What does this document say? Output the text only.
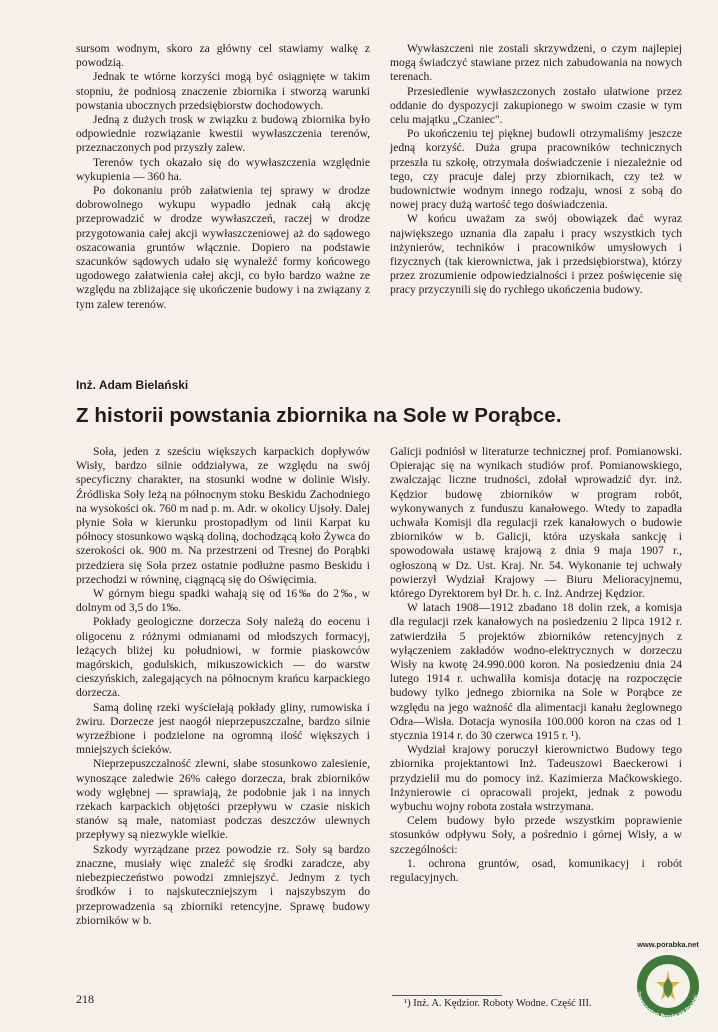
sursom wodnym, skoro za główny cel stawiamy walkę z powodzią.

Jednak te wtórne korzyści mogą być osiągnięte w takim stopniu, że podniosą znaczenie zbiornika i stworzą warunki powstania ubocznych przedsiębiorstw dochodowych.

Jedną z dużych trosk w związku z budową zbiornika było odpowiednie rozwiązanie kwestii wywłaszczenia terenów, przeznaczonych pod przyszły zalew.

Terenów tych okazało się do wywłaszczenia względnie wykupienia — 360 ha.

Po dokonaniu prób załatwienia tej sprawy w drodze dobrowolnego wykupu wypadło jednak całą akcję przeprowadzić w drodze wywłaszczeń, raczej w drodze przygotowania całej akcji wywłaszczeniowej aż do sądowego oszacowania gruntów włącznie. Dopiero na podstawie szacunków sądowych udało się wynaleźć formy końcowego ugodowego załatwienia całej akcji, co było bardzo ważne ze względu na zbliżające się ukończenie budowy i na związany z tym zalew terenów.

Wywłaszczeni nie zostali skrzywdzeni, o czym najlepiej mogą świadczyć stawiane przez nich zabudowania na nowych terenach.

Przesiedlenie wywłaszczonych zostało ułatwione przez oddanie do dyspozycji zakupionego w swoim czasie w tym celu majątku „Czaniec".

Po ukończeniu tej pięknej budowli otrzymaliśmy jeszcze jedną korzyść. Duża grupa pracowników technicznych przeszła tu szkołę, otrzymała doświadczenie i niezależnie od tego, czy pracuje dalej przy zbiornikach, czy też w budownictwie wodnym innego rodzaju, wnosi z sobą do nowej pracy dużą wartość tego doświadczenia.

W końcu uważam za swój obowiązek dać wyraz największego uznania dla zapału i pracy wszystkich tych inżynierów, techników i pracowników umysłowych i fizycznych (tak kierownictwa, jak i przedsiębiorstwa), którzy przez zrozumienie odpowiedzialności i przez poświęcenie się pracy przyczynili się do rychłego ukończenia budowy.

Inż. Adam Bielański
Z historii powstania zbiornika na Sole w Porąbce.

Soła, jeden z sześciu większych karpackich dopływów Wisły, bardzo silnie oddziaływa, ze względu na swój specyficzny charakter, na stosunki wodne w dolinie Wisły. Źródliska Soły leżą na północnym stoku Beskidu Zachodniego na wysokości ok. 760 m nad p. m. Adr. w okolicy Ujsoły. Dalej płynie Soła w kierunku prostopadłym od linii Karpat ku północy stosunkowo wąską doliną, dochodzącą koło Żywca do szerokości ok. 900 m. Na przestrzeni od Tresnej do Porąbki przedziera się Soła przez ostatnie podłużne pasmo Beskidu i przechodzi w równinę, ciągnącą się do Oświęcimia.

W górnym biegu spadki wahają się od 16‰ do 2‰, w dolnym od 3,5 do 1‰.

Pokłady geologiczne dorzecza Soły należą do eocenu i oligocenu z różnymi odmianami od młodszych formacyj, leżących bliżej ku południowi, w formie piaskowców magórskich, godulskich, mikuszowickich — do warstw cieszyńskich, zalegających na północnym krańcu karpackiego dorzecza.

Samą dolinę rzeki wyściełają pokłady gliny, rumowiska i żwiru. Dorzecze jest naogół nieprzepuszczalne, bardzo silnie wyrzeźbione i podzielone na ogromną ilość większych i mniejszych ścieków.

Nieprzepuszczalność zlewni, słabe stosunkowo zalesienie, wynoszące zaledwie 26% całego dorzecza, brak zbiorników wody wgłębnej — sprawiają, że podobnie jak i na innych rzekach karpackich objętości przepływu w czasie niskich stanów są małe, natomiast podczas deszczów ulewnych przepływy są niezwykle wielkie.

Szkody wyrządzane przez powodzie rz. Soły są bardzo znaczne, musiały więc znaleźć się środki zaradcze, aby niebezpieczeństwo powodzi zmniejszyć. Jednym z tych środków i to najskuteczniejszym i najszybszym do przeprowadzenia są zbiorniki retencyjne. Sprawę budowy zbiorników w b.

Galicji podniósł w literaturze technicznej prof. Pomianowski. Opierając się na wynikach studiów prof. Pomianowskiego, zwalczając liczne trudności, zdołał wprowadzić dyr. inż. Kędzior budowę zbiorników w program robót, wykonywanych z funduszu kanałowego. Wtedy to zapadła uchwała Komisji dla regulacji rzek kanałowych o budowie zbiorników w b. Galicji, która uzyskała sankcję i spowodowała ustawę krajową z dnia 9 maja 1907 r., ogłoszoną w Dz. Ust. Kraj. Nr. 54. Wykonanie tej uchwały powierzył Wydział Krajowy — Biuru Melioracyjnemu, którego Dyrektorem był Dr. h. c. Inż. Andrzej Kędzior.

W latach 1908—1912 zbadano 18 dolin rzek, a komisja dla regulacji rzek kanałowych na posiedzeniu 2 lipca 1912 r. zatwierdziła 5 projektów zbiorników retencyjnych z wyłączeniem zakładów wodno-elektrycznych w dorzeczu Wisły na kwotę 24.990.000 koron. Na posiedzeniu dnia 24 lutego 1914 r. uchwaliła komisja dotację na rozpoczęcie budowy tylko jednego zbiornika na Sole w Porąbce ze względu na jego ważność dla alimentacji kanału żeglownego Odra—Wisła. Dotacja wynosiła 100.000 koron na czas od 1 stycznia 1914 r. do 30 czerwca 1915 r. ¹).

Wydział krajowy poruczył kierownictwo Budowy tego zbiornika projektantowi Inż. Tadeuszowi Baeckerowi i przydzielił mu do pomocy inż. Kazimierza Maćkowskiego. Inżynierowie ci opracowali projekt, jednak z powodu wybuchu wojny robota została wstrzymana.

Celem budowy było przede wszystkim poprawienie stosunków odpływu Soły, a pośrednio i górnej Wisły, a w szczególności:

1. ochrona gruntów, osad, komunikacyj i robót regulacyjnych.

¹) Inż. A. Kędzior. Roboty Wodne. Część III.
218
www.porabka.net
Towarzystwo Przyjaciół Porąbki
